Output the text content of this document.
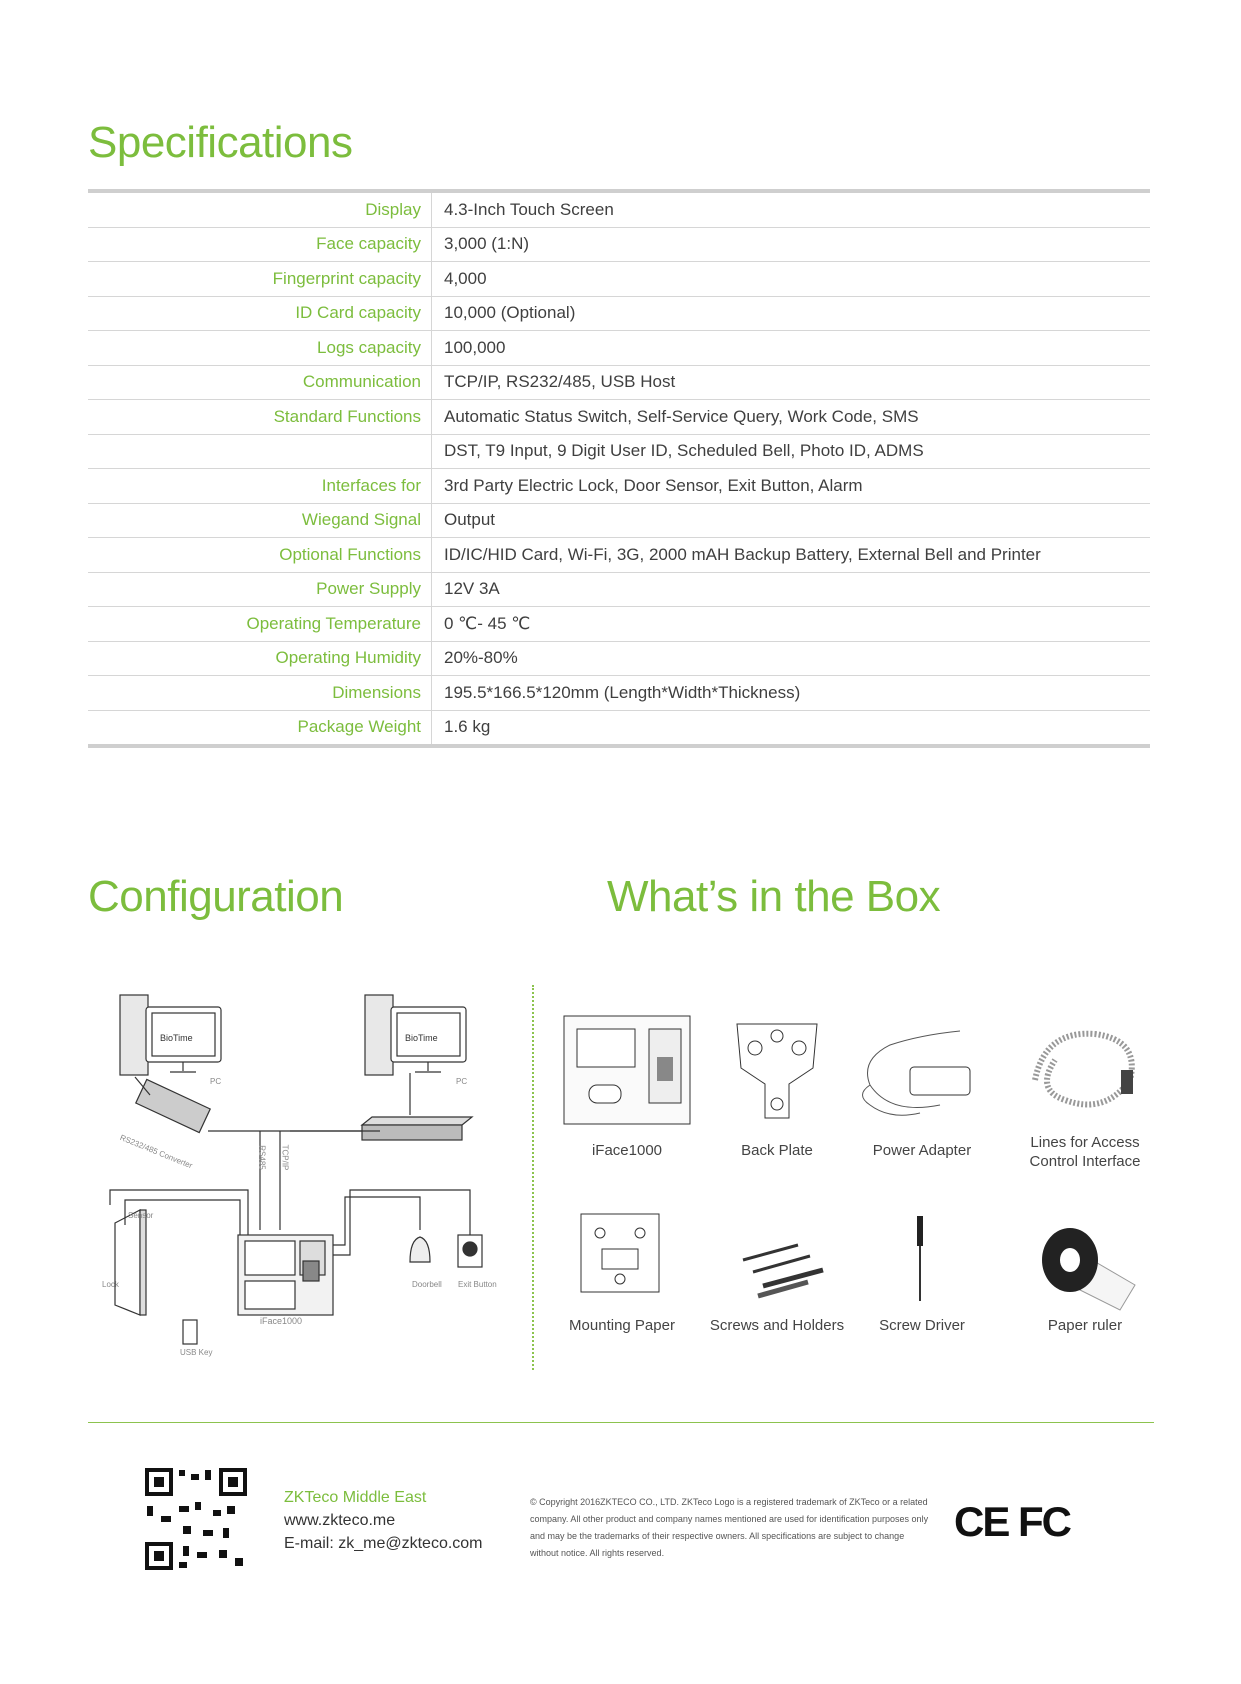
Specifications
Display	4.3-Inch Touch Screen
Face capacity	3,000 (1:N)
Fingerprint capacity	4,000
ID Card capacity	10,000 (Optional)
Logs capacity	100,000
Communication	TCP/IP, RS232/485, USB Host
Standard Functions	Automatic Status Switch, Self-Service Query, Work Code, SMS
DST, T9 Input, 9 Digit User ID, Scheduled Bell, Photo ID, ADMS
Interfaces for	3rd Party Electric Lock, Door Sensor, Exit Button, Alarm
Wiegand Signal	Output
Optional Functions	ID/IC/HID Card, Wi-Fi, 3G, 2000 mAH Backup Battery, External Bell and Printer
Power Supply	12V 3A
Operating Temperature	0 ℃- 45 ℃
Operating Humidity	20%-80%
Dimensions	195.5*166.5*120mm (Length*Width*Thickness)
Package Weight	1.6 kg
Configuration	What’s in the Box
BioTime	BioTime
PC	PC
RS232/485 Converter	RS485 TCP/IP
Sensor
Lock
iFace1000
Doorbell Exit Button
USB Key
iFace1000	Back Plate	Power Adapter	Lines for Access Control Interface
Mounting Paper	Screws and Holders	Screw Driver	Paper ruler
ZKTeco Middle East
www.zkteco.me
E-mail: zk_me@zkteco.com
© Copyright 2016ZKTECO CO., LTD. ZKTeco Logo is a registered trademark of ZKTeco or a related company. All other product and company names mentioned are used for identification purposes only and may be the trademarks of their respective owners. All specifications are subject to change without notice. All rights reserved.
CE FC
